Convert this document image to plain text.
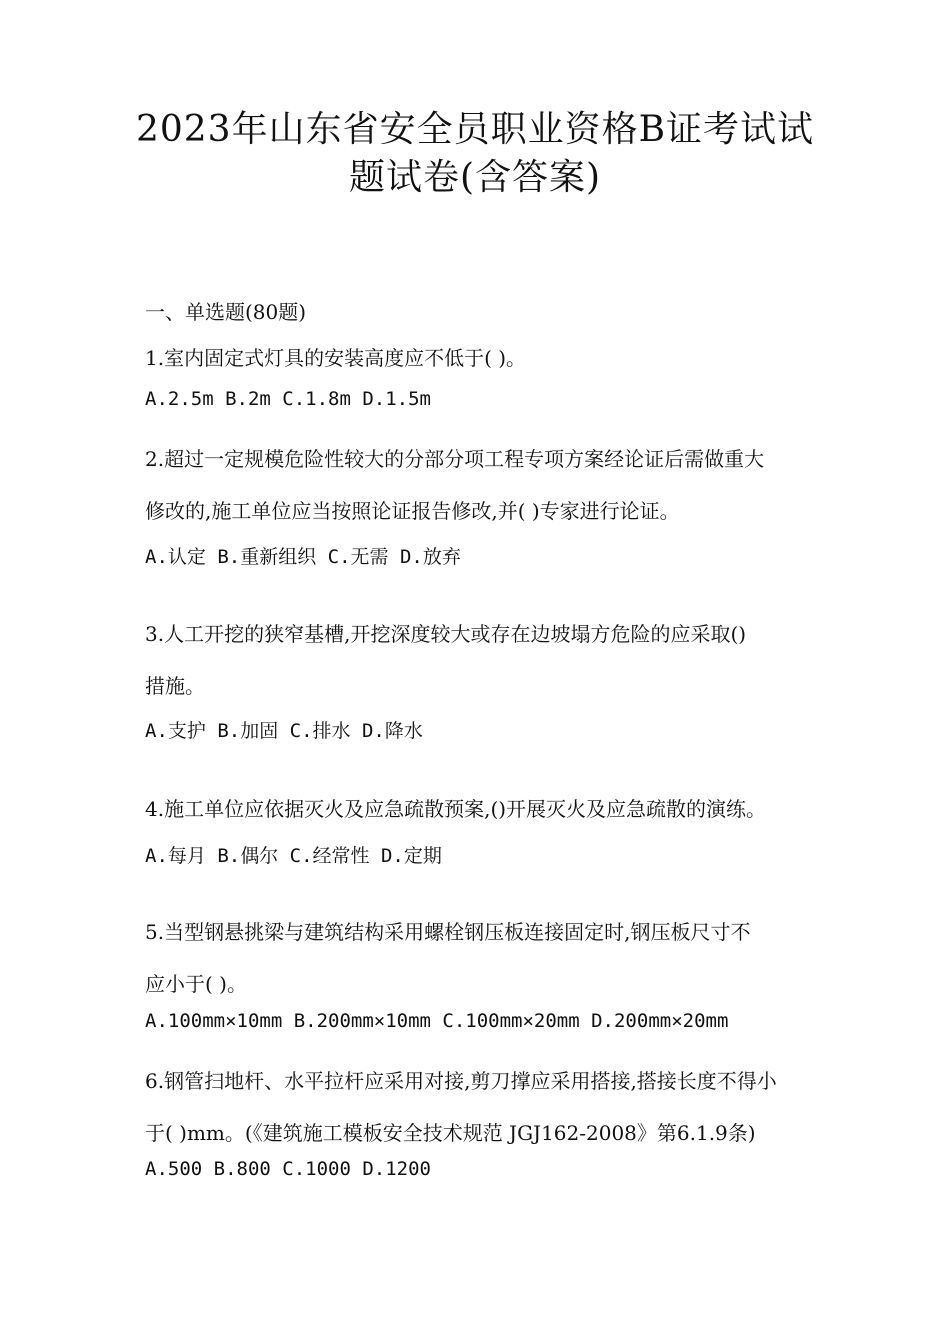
2023年山东省安全员职业资格B证考试试
题试卷(含答案)

一、单选题(80题)

1.室内固定式灯具的安装高度应不低于( )。

A.2.5m B.2m C.1.8m D.1.5m

2.超过一定规模危险性较大的分部分项工程专项方案经论证后需做重大

修改的,施工单位应当按照论证报告修改,并( )专家进行论证。

A.认定 B.重新组织 C.无需 D.放弃

3.人工开挖的狭窄基槽,开挖深度较大或存在边坡塌方危险的应采取()

措施。

A.支护 B.加固 C.排水 D.降水

4.施工单位应依据灭火及应急疏散预案,()开展灭火及应急疏散的演练。

A.每月 B.偶尔 C.经常性 D.定期

5.当型钢悬挑梁与建筑结构采用螺栓钢压板连接固定时,钢压板尺寸不

应小于( )。

A.100mm×10mm B.200mm×10mm C.100mm×20mm D.200mm×20mm

6.钢管扫地杆、水平拉杆应采用对接,剪刀撑应采用搭接,搭接长度不得小

于( )mm。(《建筑施工模板安全技术规范 JGJ162-2008》第6.1.9条)

A.500 B.800 C.1000 D.1200
